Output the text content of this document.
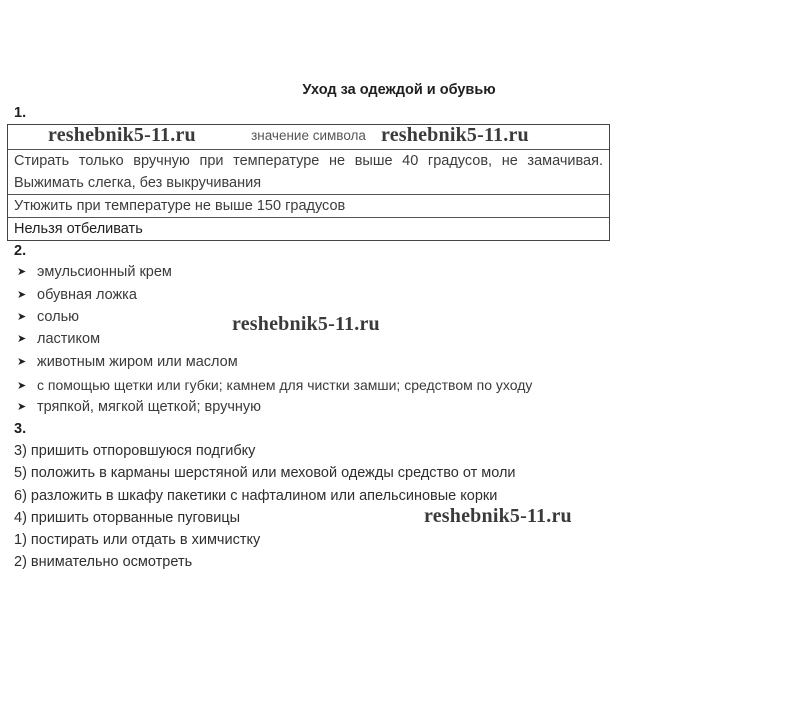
Уход за одеждой и обувью
1.
значение символа
Стирать только вручную при температуре не выше 40 градусов, не замачивая. Выжимать слегка, без выкручивания
Утюжить при температуре не выше 150 градусов
Нельзя отбеливать
2.
➤ эмульсионный крем
➤ обувная ложка
➤ солью
➤ ластиком
➤ животным жиром или маслом
➤ с помощью щетки или губки; камнем для чистки замши; средством по уходу
➤ тряпкой, мягкой щеткой; вручную
3.
3) пришить отпоровшуюся подгибку
5) положить в карманы шерстяной или меховой одежды средство от моли
6) разложить в шкафу пакетики с нафталином или апельсиновые корки
4) пришить оторванные пуговицы
1) постирать или отдать в химчистку
2) внимательно осмотреть
reshebnik5-11.ru	reshebnik5-11.ru
reshebnik5-11.ru
reshebnik5-11.ru
